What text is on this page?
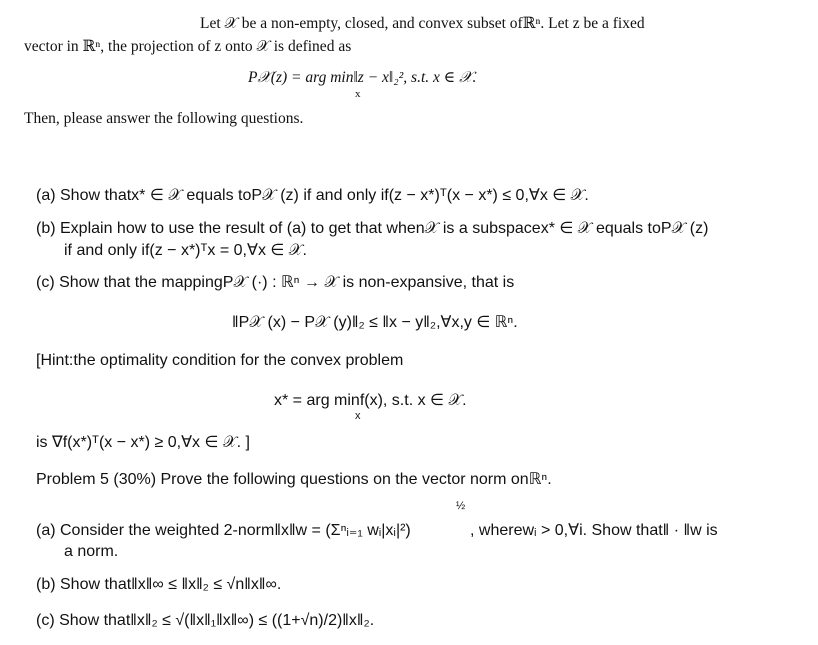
Let 𝒳 be a non-empty, closed, and convex subset ofℝⁿ. Let z be a fixed
vector in ℝⁿ, the projection of z onto 𝒳 is defined as
P𝒳(z) = arg min‖z − x‖₂², s.t. x ∈ 𝒳.
x
Then, please answer the following questions.
(a) Show thatx* ∈ 𝒳 equals toP𝒳 (z) if and only if(z − x*)ᵀ(x − x*) ≤ 0,∀x ∈ 𝒳.
(b) Explain how to use the result of (a) to get that when𝒳 is a subspacex* ∈ 𝒳 equals toP𝒳 (z)
if and only if(z − x*)ᵀx = 0,∀x ∈ 𝒳.
(c) Show that the mappingP𝒳 (·) : ℝⁿ → 𝒳 is non-expansive, that is
‖P𝒳 (x) − P𝒳 (y)‖₂ ≤ ‖x − y‖₂,∀x,y ∈ ℝⁿ.
[Hint:the optimality condition for the convex problem
x* = arg minf(x), s.t. x ∈ 𝒳.
x
is ∇f(x*)ᵀ(x − x*) ≥ 0,∀x ∈ 𝒳. ]
Problem 5 (30%) Prove the following questions on the vector norm onℝⁿ.
(a) Consider the weighted 2-norm‖x‖w = (Σⁿᵢ₌₁ wᵢ|xᵢ|²)
½
, wherewᵢ > 0,∀i. Show that‖ · ‖w is
a norm.
(b) Show that‖x‖∞ ≤ ‖x‖₂ ≤ √n‖x‖∞.
(c) Show that‖x‖₂ ≤ √(‖x‖₁‖x‖∞) ≤ ((1+√n)/2)‖x‖₂.
